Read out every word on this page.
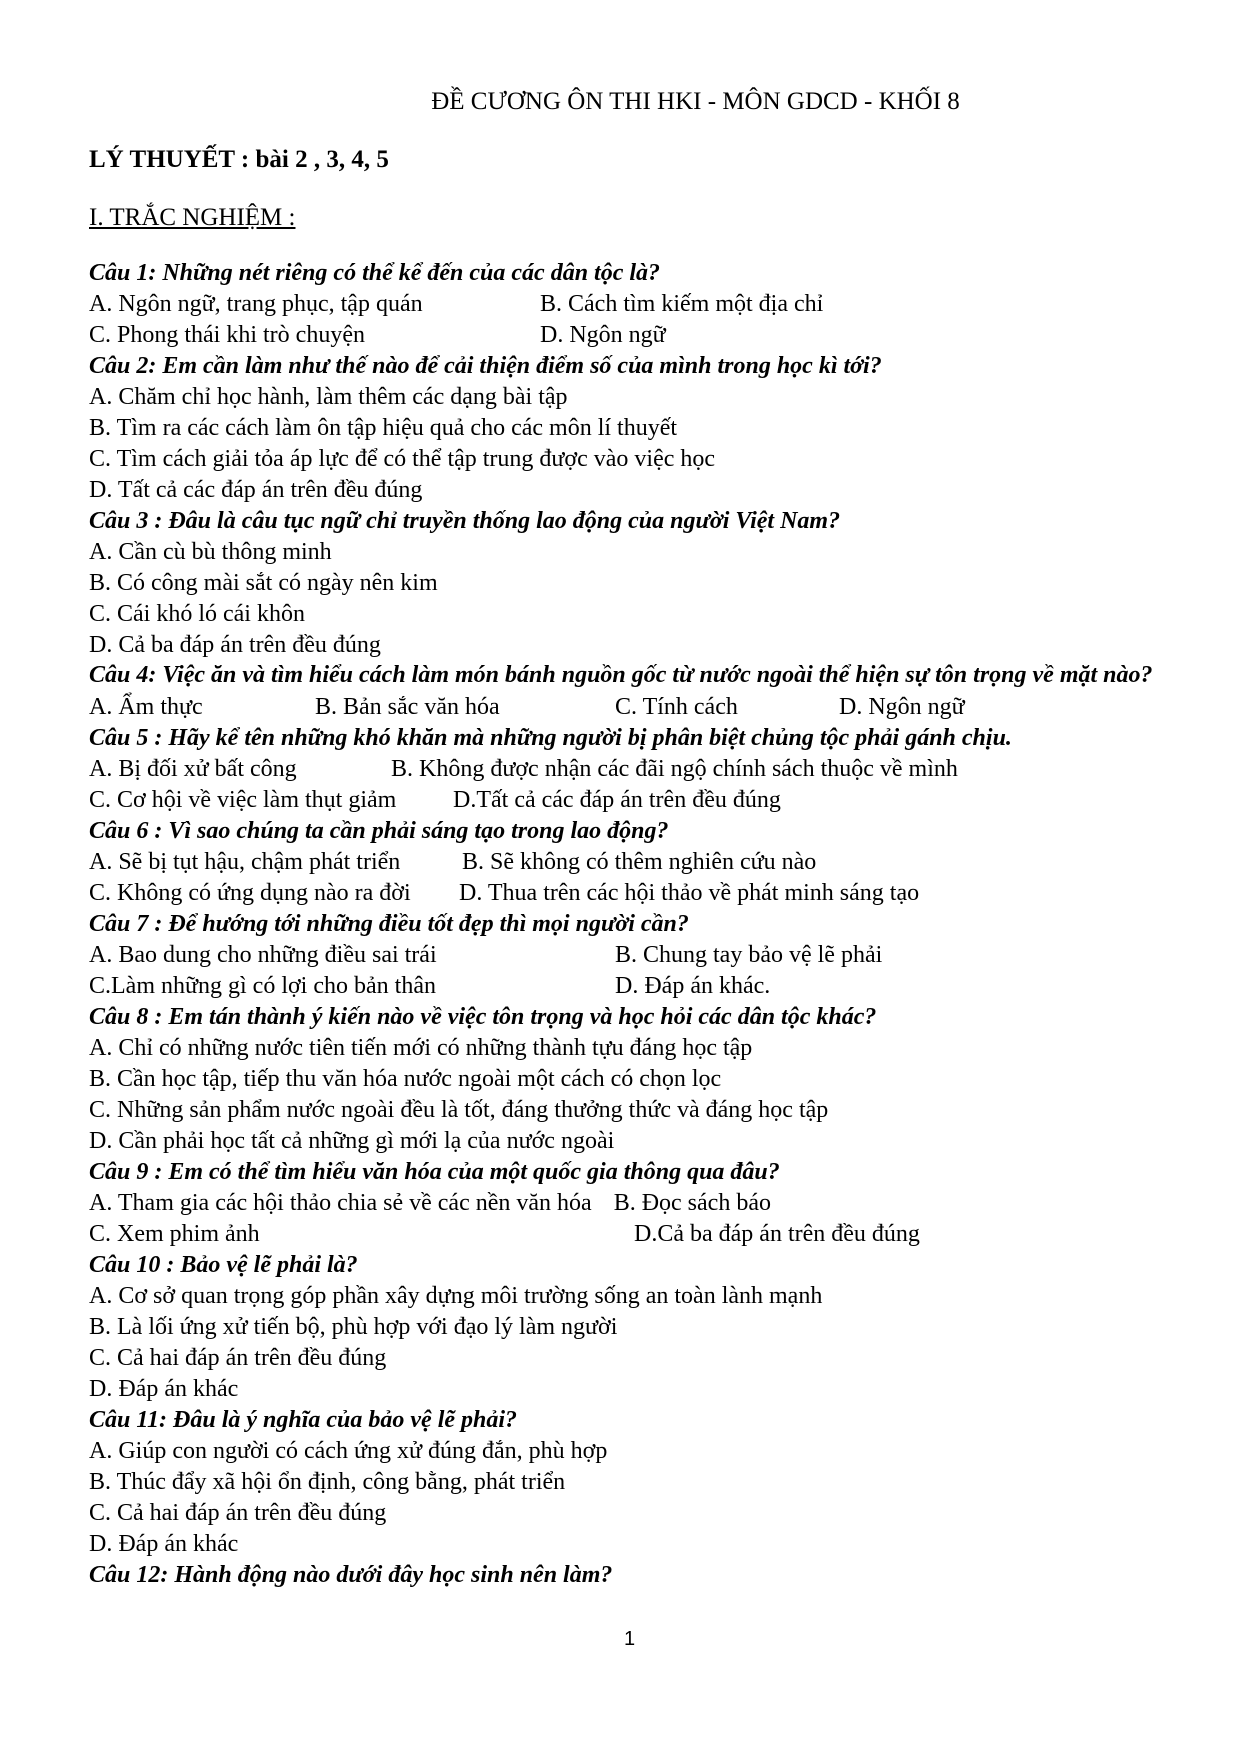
ĐỀ CƯƠNG ÔN THI HKI - MÔN GDCD - KHỐI 8
LÝ THUYẾT : bài 2 , 3, 4, 5
I. TRẮC NGHIỆM :

Câu 1: Những nét riêng có thể kể đến của các dân tộc là?

A. Ngôn ngữ, trang phục, tập quán	B. Cách tìm kiếm một địa chỉ
C. Phong thái khi trò chuyện	D. Ngôn ngữ

Câu 2: Em cần làm như thế nào để cải thiện điểm số của mình trong học kì tới?

A. Chăm chỉ học hành, làm thêm các dạng bài tập

B. Tìm ra các cách làm ôn tập hiệu quả cho các môn lí thuyết

C. Tìm cách giải tỏa áp lực để có thể tập trung được vào việc học

D. Tất cả các đáp án trên đều đúng

Câu 3 : Đâu là câu tục ngữ chỉ truyền thống lao động của người Việt Nam?

A. Cần cù bù thông minh

B. Có công mài sắt có ngày nên kim

C. Cái khó ló cái khôn

D. Cả ba đáp án trên đều đúng

Câu 4: Việc ăn và tìm hiểu cách làm món bánh nguồn gốc từ nước ngoài thể hiện sự tôn trọng về mặt nào?

A. Ẩm thực	B. Bản sắc văn hóa	C. Tính cách	D. Ngôn ngữ

Câu 5 : Hãy kể tên những khó khăn mà những người bị phân biệt chủng tộc phải gánh chịu.

A. Bị đối xử bất công	B. Không được nhận các đãi ngộ chính sách thuộc về mình
C. Cơ hội về việc làm thụt giảm	D.Tất cả các đáp án trên đều đúng

Câu 6 : Vì sao chúng ta cần phải sáng tạo trong lao động?

A. Sẽ bị tụt hậu, chậm phát triển	B. Sẽ không có thêm nghiên cứu nào
C. Không có ứng dụng nào ra đời	D. Thua trên các hội thảo về phát minh sáng tạo

Câu 7 : Để hướng tới những điều tốt đẹp thì mọi người cần?

A. Bao dung cho những điều sai trái	B. Chung tay bảo vệ lẽ phải
C.Làm những gì có lợi cho bản thân	D. Đáp án khác.

Câu 8 : Em tán thành ý kiến nào về việc tôn trọng và học hỏi các dân tộc khác?

A. Chỉ có những nước tiên tiến mới có những thành tựu đáng học tập

B. Cần học tập, tiếp thu văn hóa nước ngoài một cách có chọn lọc

C. Những sản phẩm nước ngoài đều là tốt, đáng thưởng thức và đáng học tập

D. Cần phải học tất cả những gì mới lạ của nước ngoài

Câu 9 : Em có thể tìm hiểu văn hóa của một quốc gia thông qua đâu?

A. Tham gia các hội thảo chia sẻ về các nền văn hóa B. Đọc sách báo
C. Xem phim ảnh	D.Cả ba đáp án trên đều đúng

Câu 10 : Bảo vệ lẽ phải là?

A. Cơ sở quan trọng góp phần xây dựng môi trường sống an toàn lành mạnh

B. Là lối ứng xử tiến bộ, phù hợp với đạo lý làm người

C. Cả hai đáp án trên đều đúng

D. Đáp án khác

Câu 11: Đâu là ý nghĩa của bảo vệ lẽ phải?

A. Giúp con người có cách ứng xử đúng đắn, phù hợp

B. Thúc đẩy xã hội ổn định, công bằng, phát triển

C. Cả hai đáp án trên đều đúng

D. Đáp án khác

Câu 12: Hành động nào dưới đây học sinh nên làm?

1
